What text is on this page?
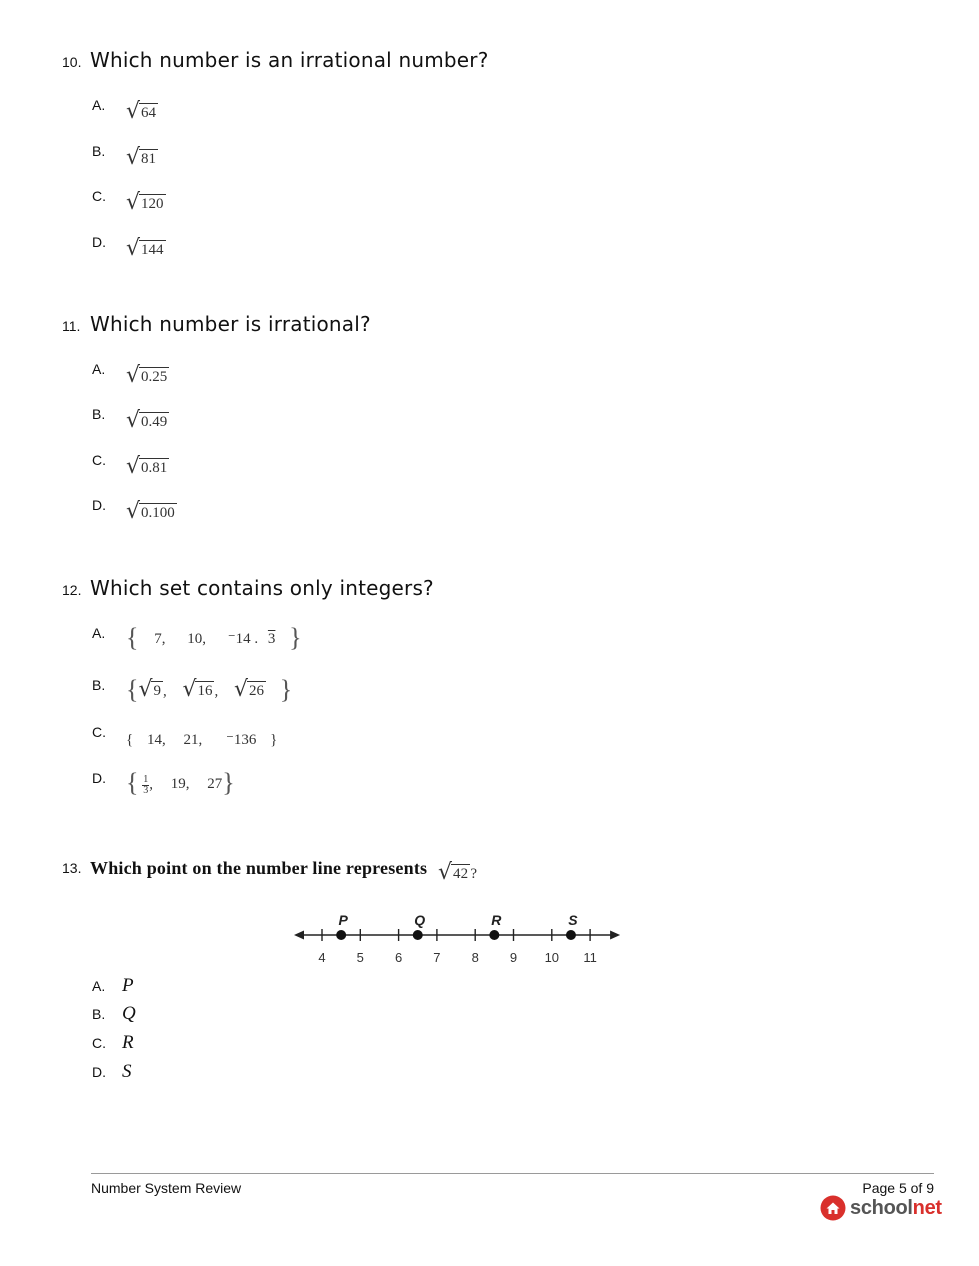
10. Which number is an irrational number?
A.	√ 64
B.	√ 81
C.	√ 120
D.	√ 144
11. Which number is irrational?
A.	√ 0.25
B.	√ 0.49
C.	√ 0.81
D.	√ 0.100
12. Which set contains only integers?
A. { 7, 10, ⁻14 . 3 }
B. { √ 9 , √ 16 , √ 26 }
C. { 14, 21, ⁻136 }
D. { $\frac{1}{3}$ , 19, 27}
13. Which point on the number line represents √ $_{42 ?}$
4 5 6 7 8 9 10 11
P	Q	R	S
A. P
B. Q
C. R
D. S
Number System Review	Page 5 of 9
schoolnet
